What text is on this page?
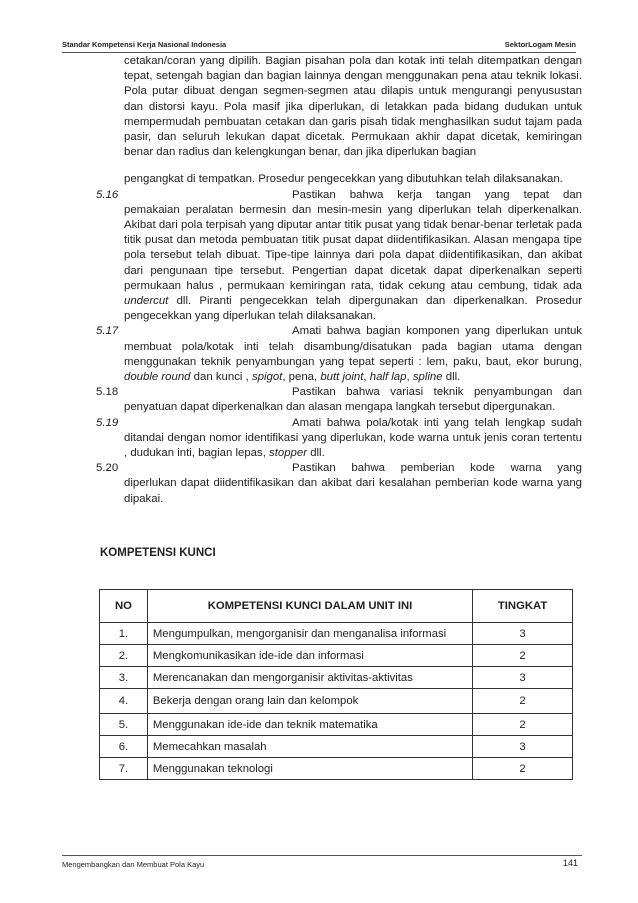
Standar Kompetensi Kerja Nasional Indonesia	SektorLogam Mesin
cetakan/coran yang dipilih. Bagian pisahan pola dan kotak inti telah ditempatkan dengan tepat, setengah bagian dan bagian lainnya dengan menggunakan pena atau teknik lokasi. Pola putar dibuat dengan segmen-segmen atau dilapis untuk mengurangi penyusustan dan distorsi kayu. Pola masif jika diperlukan, di letakkan pada bidang dudukan untuk mempermudah pembuatan cetakan dan garis pisah tidak menghasilkan sudut tajam pada pasir, dan seluruh lekukan dapat dicetak. Permukaan akhir dapat dicetak, kemiringan benar dan radius dan kelengkungan benar, dan jika diperlukan bagian
pengangkat di tempatkan. Prosedur pengecekkan yang dibutuhkan telah dilaksanakan.
5.16	Pastikan bahwa kerja tangan yang tepat dan
pemakaian peralatan bermesin dan mesin-mesin yang diperlukan telah diperkenalkan. Akibat dari pola terpisah yang diputar antar titik pusat yang tidak benar-benar terletak pada titik pusat dan metoda pembuatan titik pusat dapat diidentifikasikan. Alasan mengapa tipe pola tersebut telah dibuat. Tipe-tipe lainnya dari pola dapat diidentifikasikan, dan akibat dari pengunaan tipe tersebut. Pengertian dapat dicetak dapat diperkenalkan seperti permukaan halus , permukaan kemiringan rata, tidak cekung atau cembung, tidak ada undercut dll. Piranti pengecekkan telah dipergunakan dan diperkenalkan. Prosedur pengecekkan yang diperlukan telah dilaksanakan.
5.17	Amati bahwa bagian komponen yang diperlukan untuk
membuat pola/kotak inti telah disambung/disatukan pada bagian utama dengan menggunakan teknik penyambungan yang tepat seperti : lem, paku, baut, ekor burung, double round dan kunci , spigot, pena, butt joint, half lap, spline dll.
5.18	Pastikan bahwa variasi teknik penyambungan dan
penyatuan dapat diperkenalkan dan alasan mengapa langkah tersebut dipergunakan.
5.19	Amati bahwa pola/kotak inti yang telah lengkap sudah
ditandai dengan nomor identifikasi yang diperlukan, kode warna untuk jenis coran tertentu , dudukan inti, bagian lepas, stopper dll.
5.20	Pastikan bahwa pemberian kode warna yang
diperlukan dapat diidentifikasikan dan akibat dari kesalahan pemberian kode warna yang dipakai.
KOMPETENSI KUNCI
NO	KOMPETENSI KUNCI DALAM UNIT INI	TINGKAT
1.	Mengumpulkan, mengorganisir dan menganalisa informasi	3
2.	Mengkomunikasikan ide-ide dan informasi	2
3.	Merencanakan dan mengorganisir aktivitas-aktivitas	3
4.	Bekerja dengan orang lain dan kelompok	2
5.	Menggunakan ide-ide dan teknik matematika	2
6.	Memecahkan masalah	3
7.	Menggunakan teknologi	2
Mengembangkan dan Membuat Pola Kayu	141
